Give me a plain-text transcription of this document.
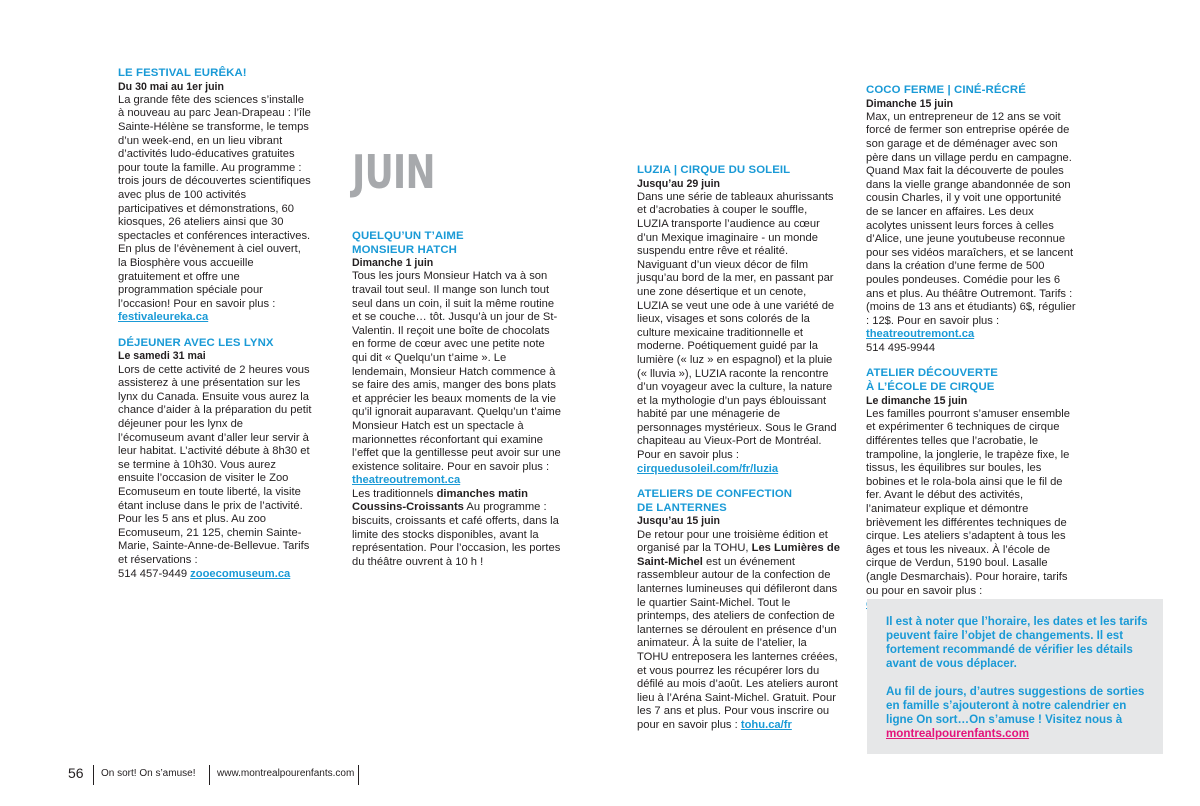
LE FESTIVAL EURÊKA!
Du 30 mai au 1er juin

La grande fête des sciences s’installe à nouveau au parc Jean-Drapeau : l’île Sainte-Hélène se transforme, le temps d’un week-end, en un lieu vibrant d’activités ludo-éducatives gratuites pour toute la famille. Au programme : trois jours de découvertes scientifiques avec plus de 100 activités participatives et démonstrations, 60 kiosques, 26 ateliers ainsi que 30 spectacles et conférences interactives. En plus de l’évènement à ciel ouvert, la Biosphère vous accueille gratuitement et offre une programmation spéciale pour l’occasion! Pour en savoir plus : festivaleureka.ca

DÉJEUNER AVEC LES LYNX
Le samedi 31 mai

Lors de cette activité de 2 heures vous assisterez à une présentation sur les lynx du Canada. Ensuite vous aurez la chance d’aider à la préparation du petit déjeuner pour les lynx de l’écomuseum avant d’aller leur servir à leur habitat. L’activité débute à 8h30 et se termine à 10h30. Vous aurez ensuite l’occasion de visiter le Zoo Ecomuseum en toute liberté, la visite étant incluse dans le prix de l’activité. Pour les 5 ans et plus. Au zoo Ecomuseum, 21 125, chemin Sainte-Marie, Sainte-Anne-de-Bellevue. Tarifs et réservations :
514 457-9449 zooecomuseum.ca

JUIN
QUELQU’UN T’AIME
MONSIEUR HATCH
Dimanche 1 juin

Tous les jours Monsieur Hatch va à son travail tout seul. Il mange son lunch tout seul dans un coin, il suit la même routine et se couche… tôt. Jusqu’à un jour de St-Valentin. Il reçoit une boîte de chocolats en forme de cœur avec une petite note qui dit « Quelqu’un t’aime ». Le lendemain, Monsieur Hatch commence à se faire des amis, manger des bons plats et apprécier les beaux moments de la vie qu’il ignorait auparavant. Quelqu’un t’aime Monsieur Hatch est un spectacle à marionnettes réconfortant qui examine l’effet que la gentillesse peut avoir sur une existence solitaire. Pour en savoir plus : theatreoutremont.ca

Les traditionnels dimanches matin Coussins-Croissants Au programme : biscuits, croissants et café offerts, dans la limite des stocks disponibles, avant la représentation. Pour l’occasion, les portes du théâtre ouvrent à 10 h !

LUZIA | CIRQUE DU SOLEIL
Jusqu’au 29 juin

Dans une série de tableaux ahurissants et d’acrobaties à couper le souffle, LUZIA transporte l’audience au cœur d’un Mexique imaginaire - un monde suspendu entre rêve et réalité. Naviguant d’un vieux décor de film jusqu’au bord de la mer, en passant par une zone désertique et un cenote, LUZIA se veut une ode à une variété de lieux, visages et sons colorés de la culture mexicaine traditionnelle et moderne. Poétiquement guidé par la lumière (« luz » en espagnol) et la pluie (« lluvia »), LUZIA raconte la rencontre d’un voyageur avec la culture, la nature et la mythologie d’un pays éblouissant habité par une ménagerie de personnages mystérieux. Sous le Grand chapiteau au Vieux-Port de Montréal. Pour en savoir plus :
cirquedusoleil.com/fr/luzia

ATELIERS DE CONFECTION
DE LANTERNES
Jusqu’au 15 juin

De retour pour une troisième édition et organisé par la TOHU, Les Lumières de Saint-Michel est un événement rassembleur autour de la confection de lanternes lumineuses qui défileront dans le quartier Saint-Michel. Tout le printemps, des ateliers de confection de lanternes se déroulent en présence d’un animateur. À la suite de l’atelier, la TOHU entreposera les lanternes créées, et vous pourrez les récupérer lors du défilé au mois d’août. Les ateliers auront lieu à l’Aréna Saint-Michel. Gratuit. Pour les 7 ans et plus. Pour vous inscrire ou pour en savoir plus : tohu.ca/fr

COCO FERME | CINÉ-RÉCRÉ
Dimanche 15 juin

Max, un entrepreneur de 12 ans se voit forcé de fermer son entreprise opérée de son garage et de déménager avec son père dans un village perdu en campagne. Quand Max fait la découverte de poules dans la vielle grange abandonnée de son cousin Charles, il y voit une opportunité de se lancer en affaires. Les deux acolytes unissent leurs forces à celles d’Alice, une jeune youtubeuse reconnue pour ses vidéos maraîchers, et se lancent dans la création d’une ferme de 500 poules pondeuses. Comédie pour les 6 ans et plus. Au théâtre Outremont. Tarifs : (moins de 13 ans et étudiants) 6$, régulier : 12$. Pour en savoir plus : theatreoutremont.ca
514 495-9944

ATELIER DÉCOUVERTE
À L’ÉCOLE DE CIRQUE
Le dimanche 15 juin

Les familles pourront s’amuser ensemble et expérimenter 6 techniques de cirque différentes telles que l’acrobatie, le trampoline, la jonglerie, le trapèze fixe, le tissus, les équilibres sur boules, les bobines et le rola-bola ainsi que le fil de fer. Avant le début des activités, l’animateur explique et démontre brièvement les différentes techniques de cirque. Les ateliers s’adaptent à tous les âges et tous les niveaux. À l’école de cirque de Verdun, 5190 boul. Lasalle (angle Desmarchais). Pour horaire, tarifs ou pour en savoir plus :

Il est à noter que l’horaire, les dates et les tarifs peuvent faire l’objet de changements. Il est fortement recommandé de vérifier les détails avant de vous déplacer.

Au fil de jours, d’autres suggestions de sorties en famille s’ajouteront à notre calendrier en ligne On sort…On s’amuse ! Visitez nous à montrealpourenfants.com

56 On sort! On s’amuse! www.montrealpourenfants.com
